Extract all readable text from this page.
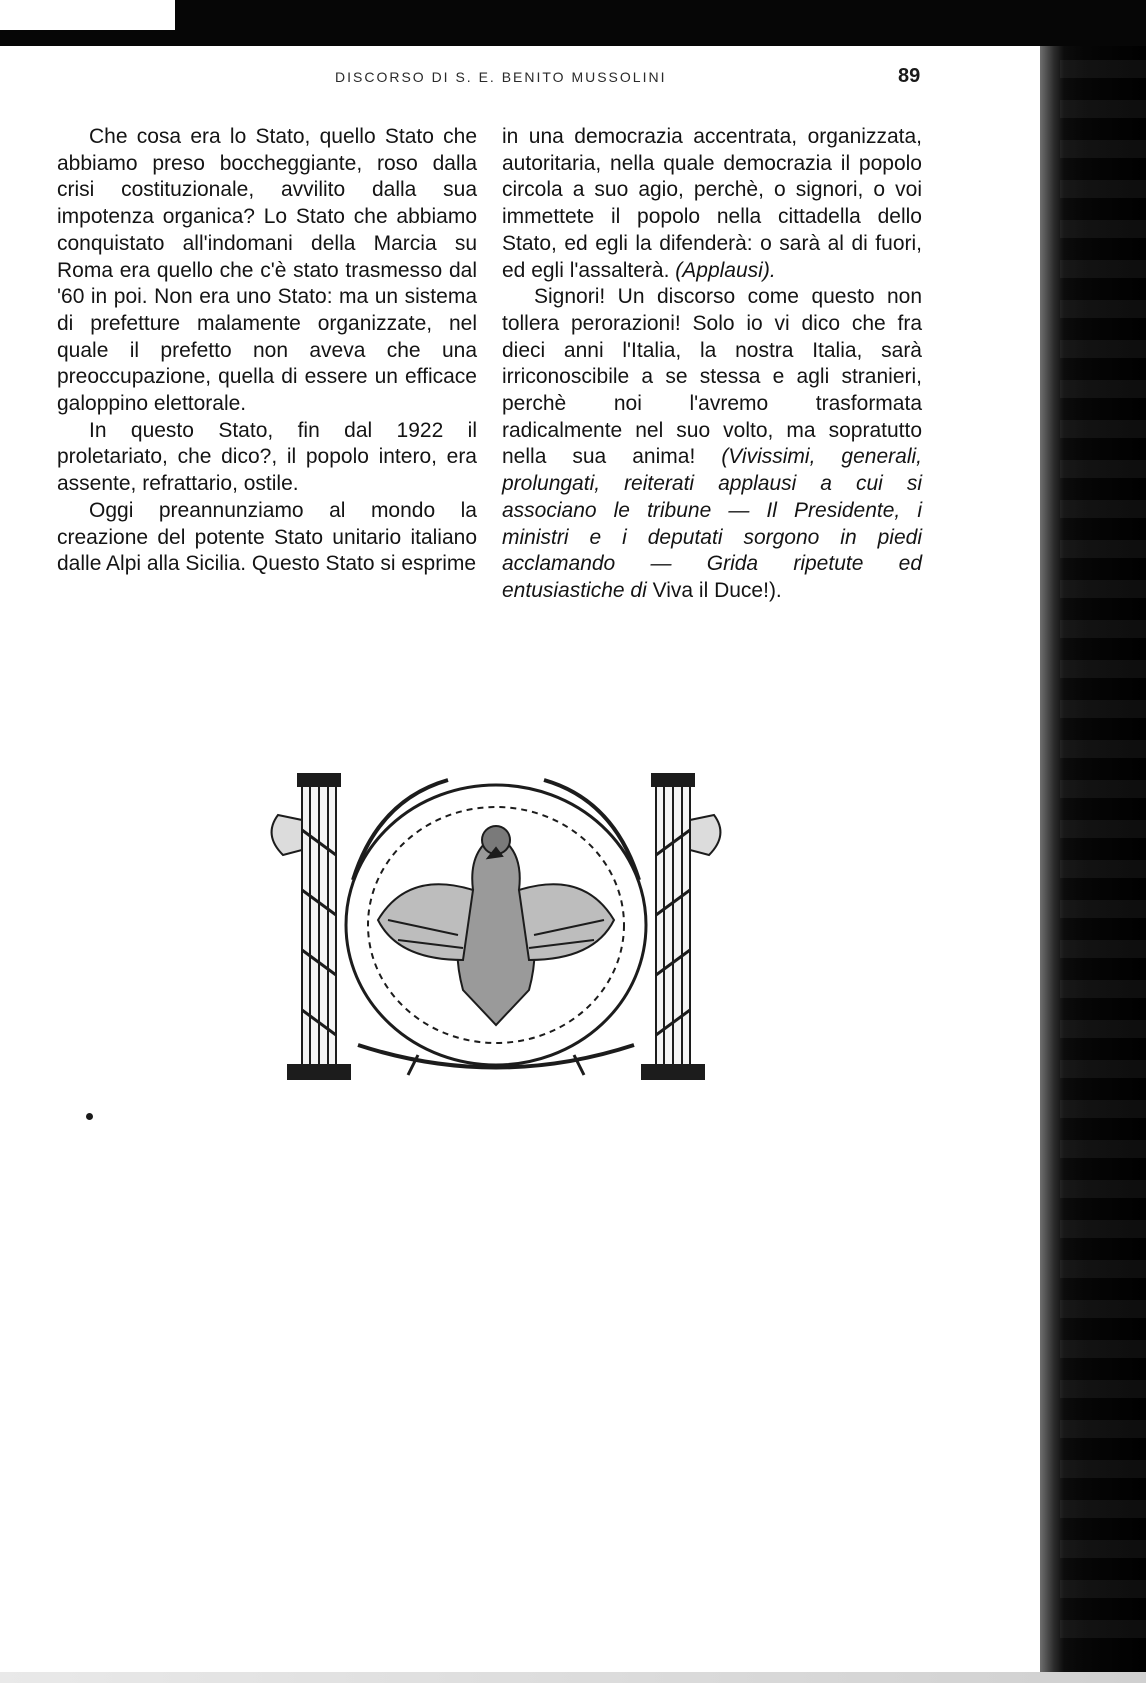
DISCORSO DI S. E. BENITO MUSSOLINI	89

Che cosa era lo Stato, quello Stato che abbiamo preso boccheggiante, roso dalla crisi costituzionale, avvilito dalla sua impotenza organica? Lo Stato che abbiamo conquistato all'indomani della Marcia su Roma era quello che c'è stato trasmesso dal '60 in poi. Non era uno Stato: ma un sistema di prefetture malamente organizzate, nel quale il prefetto non aveva che una preoccupazione, quella di essere un efficace galoppino elettorale.

In questo Stato, fin dal 1922 il proletariato, che dico?, il popolo intero, era assente, refrattario, ostile.

Oggi preannunziamo al mondo la creazione del potente Stato unitario italiano dalle Alpi alla Sicilia. Questo Stato si esprime

in una democrazia accentrata, organizzata, autoritaria, nella quale democrazia il popolo circola a suo agio, perchè, o signori, o voi immettete il popolo nella cittadella dello Stato, ed egli la difenderà: o sarà al di fuori, ed egli l'assalterà. (Applausi).

Signori! Un discorso come questo non tollera perorazioni! Solo io vi dico che fra dieci anni l'Italia, la nostra Italia, sarà irriconoscibile a se stessa e agli stranieri, perchè noi l'avremo trasformata radicalmente nel suo volto, ma sopratutto nella sua anima! (Vivissimi, generali, prolungati, reiterati applausi a cui si associano le tribune — Il Presidente, i ministri e i deputati sorgono in piedi acclamando — Grida ripetute ed entusiastiche di Viva il Duce!).
